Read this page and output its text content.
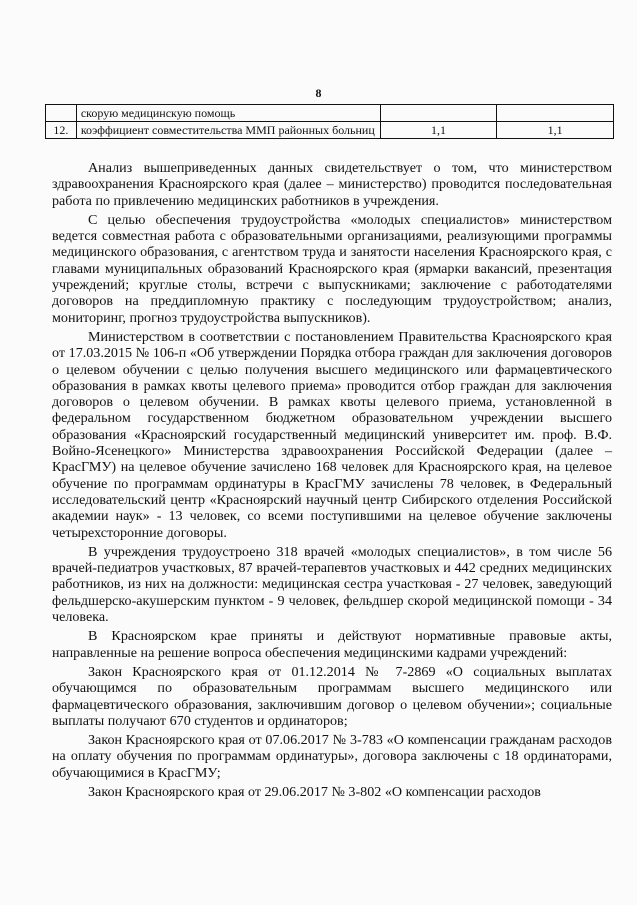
8
	скорую медицинскую помощь		
12.	коэффициент совместительства ММП районных больниц	1,1	1,1

Анализ вышеприведенных данных свидетельствует о том, что министерством здравоохранения Красноярского края (далее – министерство) проводится последовательная работа по привлечению медицинских работников в учреждения.

С целью обеспечения трудоустройства «молодых специалистов» министерством ведется совместная работа с образовательными организациями, реализующими программы медицинского образования, с агентством труда и занятости населения Красноярского края, с главами муниципальных образований Красноярского края (ярмарки вакансий, презентация учреждений; круглые столы, встречи с выпускниками; заключение с работодателями договоров на преддипломную практику с последующим трудоустройством; анализ, мониторинг, прогноз трудоустройства выпускников).

Министерством в соответствии с постановлением Правительства Красноярского края от 17.03.2015 № 106-п «Об утверждении Порядка отбора граждан для заключения договоров о целевом обучении с целью получения высшего медицинского или фармацевтического образования в рамках квоты целевого приема» проводится отбор граждан для заключения договоров о целевом обучении. В рамках квоты целевого приема, установленной в федеральном государственном бюджетном образовательном учреждении высшего образования «Красноярский государственный медицинский университет им. проф. В.Ф. Войно-Ясенецкого» Министерства здравоохранения Российской Федерации (далее – КрасГМУ) на целевое обучение зачислено 168 человек для Красноярского края, на целевое обучение по программам ординатуры в КрасГМУ зачислены 78 человек, в Федеральный исследовательский центр «Красноярский научный центр Сибирского отделения Российской академии наук» - 13 человек, со всеми поступившими на целевое обучение заключены четырехсторонние договоры.

В учреждения трудоустроено 318 врачей «молодых специалистов», в том числе 56 врачей-педиатров участковых, 87 врачей-терапевтов участковых и 442 средних медицинских работников, из них на должности: медицинская сестра участковая - 27 человек, заведующий фельдшерско-акушерским пунктом - 9 человек, фельдшер скорой медицинской помощи - 34 человека.

В Красноярском крае приняты и действуют нормативные правовые акты, направленные на решение вопроса обеспечения медицинскими кадрами учреждений:

Закон Красноярского края от 01.12.2014 № 7-2869 «О социальных выплатах обучающимся по образовательным программам высшего медицинского или фармацевтического образования, заключившим договор о целевом обучении»; социальные выплаты получают 670 студентов и ординаторов;

Закон Красноярского края от 07.06.2017 № 3-783 «О компенсации гражданам расходов на оплату обучения по программам ординатуры», договора заключены с 18 ординаторами, обучающимися в КрасГМУ;

Закон Красноярского края от 29.06.2017 № 3-802 «О компенсации расходов
